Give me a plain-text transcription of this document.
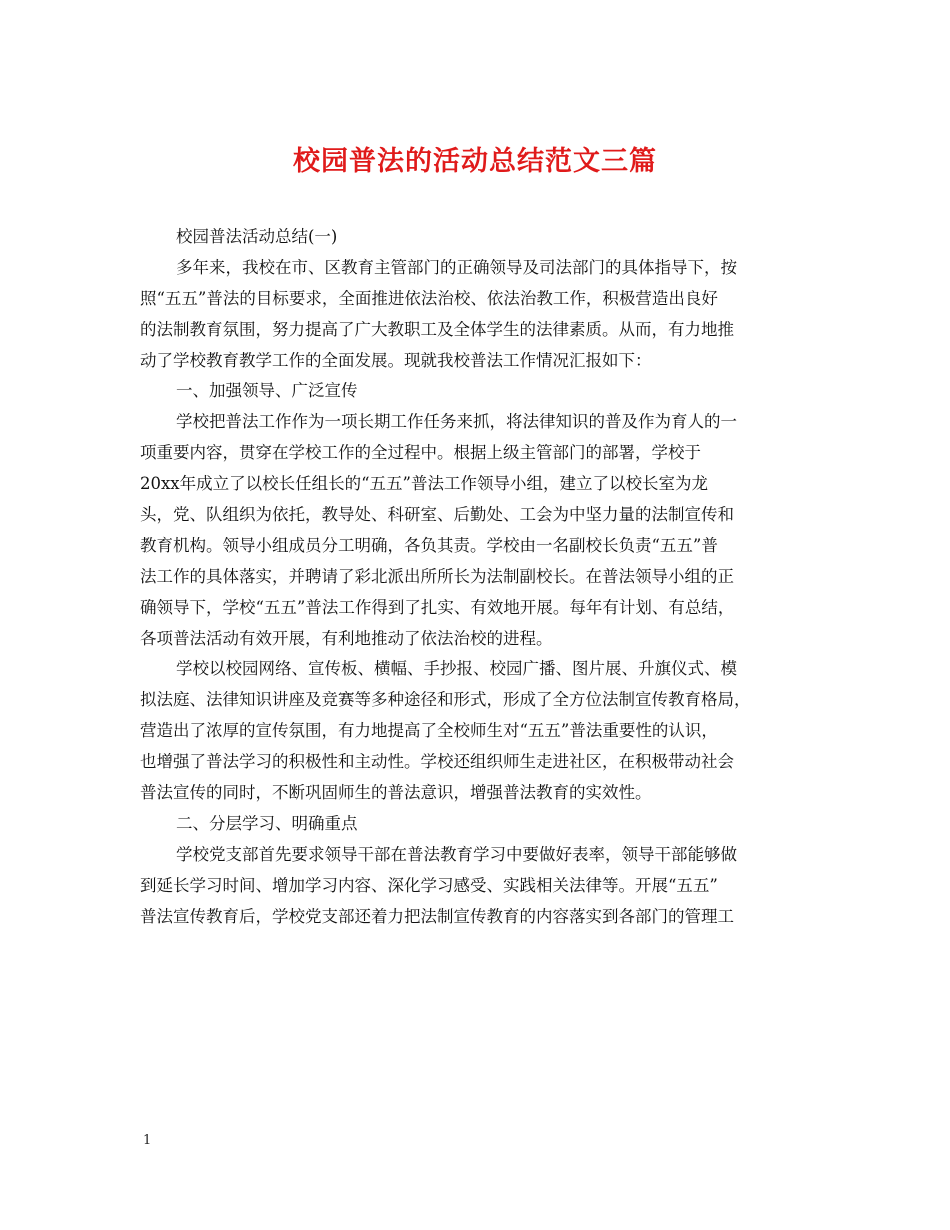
校园普法的活动总结范文三篇
校园普法活动总结(一)
多年来，我校在市、区教育主管部门的正确领导及司法部门的具体指导下，按
照“五五”普法的目标要求，全面推进依法治校、依法治教工作，积极营造出良好
的法制教育氛围，努力提高了广大教职工及全体学生的法律素质。从而，有力地推
动了学校教育教学工作的全面发展。现就我校普法工作情况汇报如下：
一、加强领导、广泛宣传
学校把普法工作作为一项长期工作任务来抓，将法律知识的普及作为育人的一
项重要内容，贯穿在学校工作的全过程中。根据上级主管部门的部署，学校于
20xx年成立了以校长任组长的“五五”普法工作领导小组，建立了以校长室为龙
头，党、队组织为依托，教导处、科研室、后勤处、工会为中坚力量的法制宣传和
教育机构。领导小组成员分工明确，各负其责。学校由一名副校长负责“五五”普
法工作的具体落实，并聘请了彩北派出所所长为法制副校长。在普法领导小组的正
确领导下，学校“五五”普法工作得到了扎实、有效地开展。每年有计划、有总结，
各项普法活动有效开展，有利地推动了依法治校的进程。
学校以校园网络、宣传板、横幅、手抄报、校园广播、图片展、升旗仪式、模
拟法庭、法律知识讲座及竞赛等多种途径和形式，形成了全方位法制宣传教育格局，
营造出了浓厚的宣传氛围，有力地提高了全校师生对“五五”普法重要性的认识，
也增强了普法学习的积极性和主动性。学校还组织师生走进社区，在积极带动社会
普法宣传的同时，不断巩固师生的普法意识，增强普法教育的实效性。
二、分层学习、明确重点
学校党支部首先要求领导干部在普法教育学习中要做好表率，领导干部能够做
到延长学习时间、增加学习内容、深化学习感受、实践相关法律等。开展“五五”
普法宣传教育后，学校党支部还着力把法制宣传教育的内容落实到各部门的管理工
1
